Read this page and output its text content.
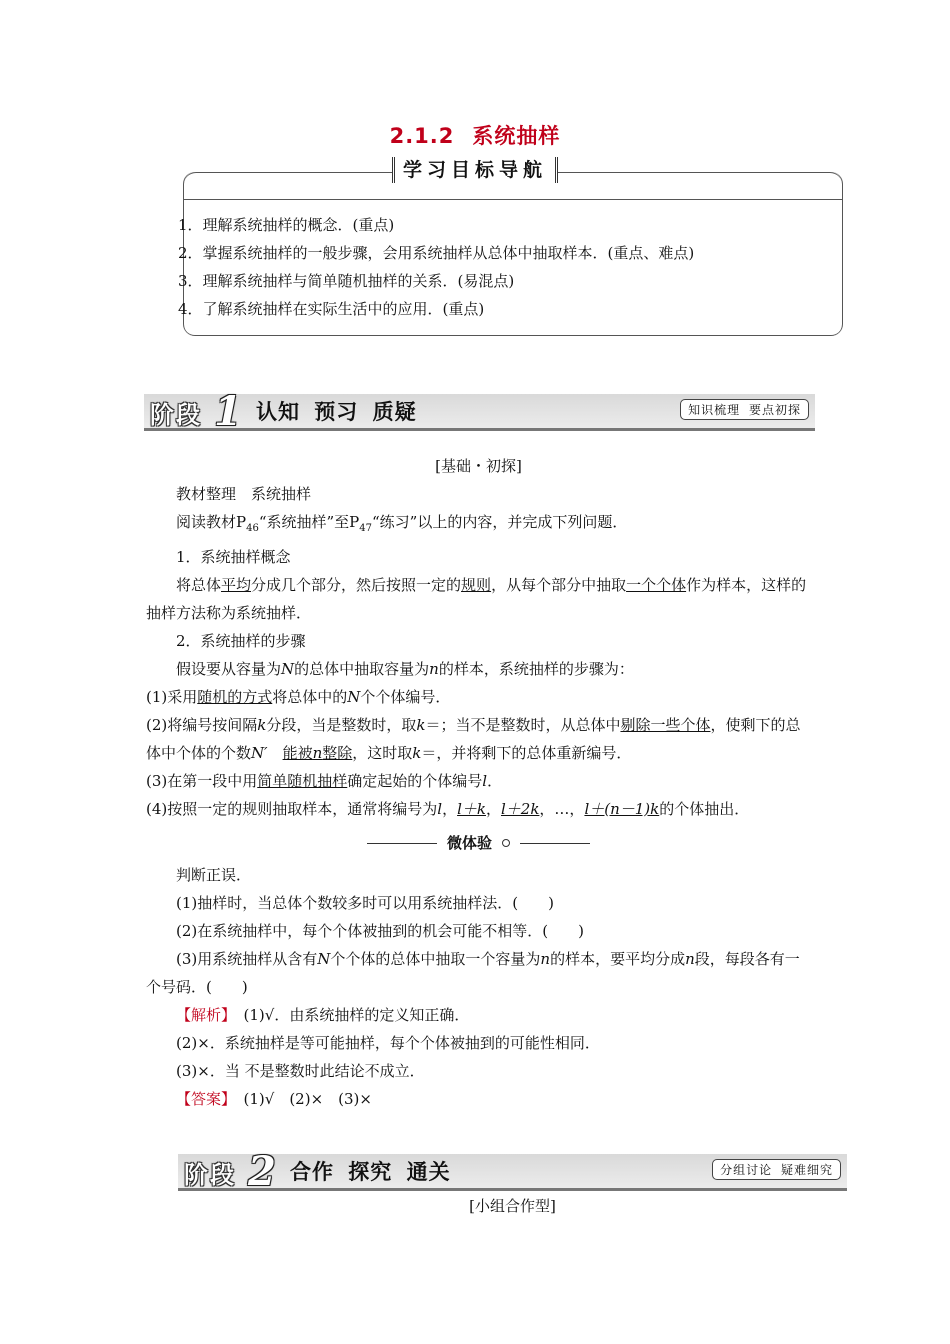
2.1.2 系统抽样
学习目标导航
1．理解系统抽样的概念．(重点)
2．掌握系统抽样的一般步骤，会用系统抽样从总体中抽取样本．(重点、难点)
3．理解系统抽样与简单随机抽样的关系．(易混点)
4．了解系统抽样在实际生活中的应用．(重点)
阶段 1 认知 预习 质疑	知识梳理 要点初探

[基础・初探]

教材整理　系统抽样

阅读教材$P_{46}“$系统抽样”至$P_{47}“$练习”以上的内容，并完成下列问题．

1．系统抽样概念

将总体平均分成几个部分，然后按照一定的规则，从每个部分中抽取一个个体作为样本，这样的抽样方法称为系统抽样．

2．系统抽样的步骤

假设要从容量为N的总体中抽取容量为n的样本，系统抽样的步骤为：

(1)采用随机的方式将总体中的N个个体编号．

(2)将编号按间隔k分段，当是整数时，取k＝；当不是整数时，从总体中剔除一些个体，使剩下的总体中个体的个数N′　 能被n整除，这时取k＝，并将剩下的总体重新编号．

(3)在第一段中用简单随机抽样确定起始的个体编号l．

(4)按照一定的规则抽取样本，通常将编号为l，l＋k，l＋2k，…，l＋(n－1)k的个体抽出．

微体验

判断正误．

(1)抽样时，当总体个数较多时可以用系统抽样法．(　　)

(2)在系统抽样中，每个个体被抽到的机会可能不相等．(　　)

(3)用系统抽样从含有N个个体的总体中抽取一个容量为n的样本，要平均分成n段，每段各有一个号码．(　　)

【解析】　(1)√．由系统抽样的定义知正确．

(2)×．系统抽样是等可能抽样，每个个体被抽到的可能性相同．

(3)×．当 不是整数时此结论不成立．

【答案】　(1)√　(2)×　(3)×

阶段 2 合作 探究 通关	分组讨论 疑难细究
[小组合作型]
